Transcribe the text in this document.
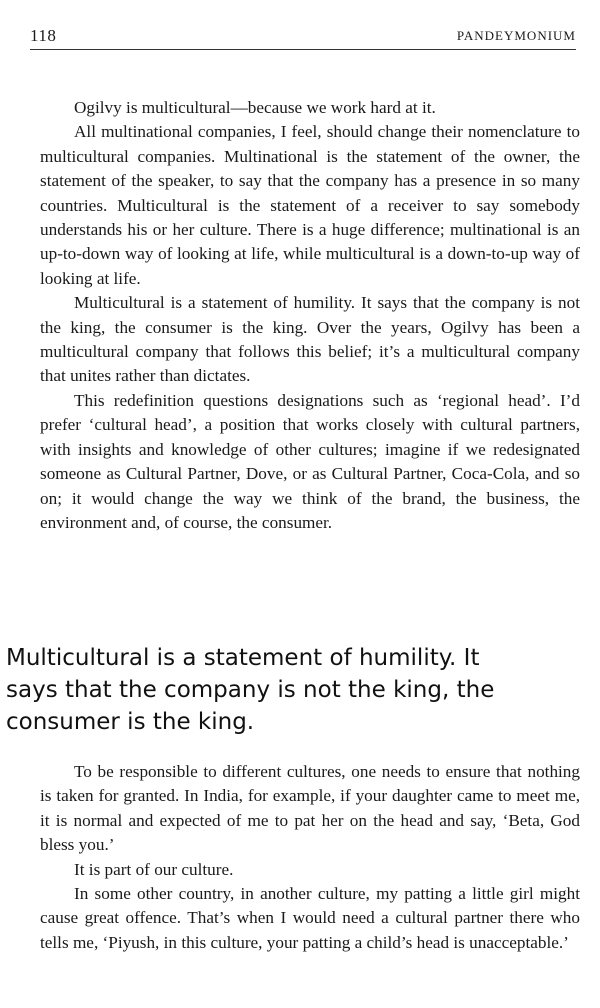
118	PANDEYMONIUM

Ogilvy is multicultural—because we work hard at it.

All multinational companies, I feel, should change their nomenclature to multicultural companies. Multinational is the statement of the owner, the statement of the speaker, to say that the company has a presence in so many countries. Multicultural is the statement of a receiver to say somebody understands his or her culture. There is a huge difference; multinational is an up-to-down way of looking at life, while multicultural is a down-to-up way of looking at life.

Multicultural is a statement of humility. It says that the company is not the king, the consumer is the king. Over the years, Ogilvy has been a multicultural company that follows this belief; it’s a multicultural company that unites rather than dictates.

This redefinition questions designations such as ‘regional head’. I’d prefer ‘cultural head’, a position that works closely with cultural partners, with insights and knowledge of other cultures; imagine if we redesignated someone as Cultural Partner, Dove, or as Cultural Partner, Coca-Cola, and so on; it would change the way we think of the brand, the business, the environment and, of course, the consumer.

Multicultural is a statement of humility. It
says that the company is not the king, the
consumer is the king.

To be responsible to different cultures, one needs to ensure that nothing is taken for granted. In India, for example, if your daughter came to meet me, it is normal and expected of me to pat her on the head and say, ‘Beta, God bless you.’

It is part of our culture.

In some other country, in another culture, my patting a little girl might cause great offence. That’s when I would need a cultural partner there who tells me, ‘Piyush, in this culture, your patting a child’s head is unacceptable.’
